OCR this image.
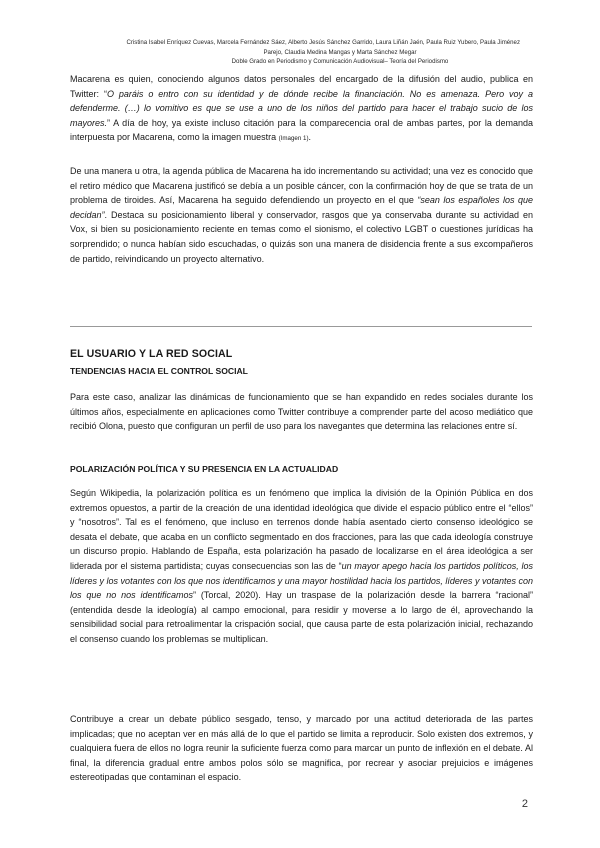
Cristina Isabel Enríquez Cuevas, Marcela Fernández Sáez, Alberto Jesús Sánchez Garrido, Laura Liñán Jaén, Paula Ruiz Yubero, Paula Jiménez
Parejo, Claudia Medina Mangas y Marta Sánchez Megar
Doble Grado en Periodismo y Comunicación Audiovisual– Teoría del Periodismo
Macarena es quien, conociendo algunos datos personales del encargado de la difusión del audio, publica en Twitter: “O paráis o entro con su identidad y de dónde recibe la financiación. No es amenaza. Pero voy a defenderme. (…) lo vomitivo es que se use a uno de los niños del partido para hacer el trabajo sucio de los mayores.” A día de hoy, ya existe incluso citación para la comparecencia oral de ambas partes, por la demanda interpuesta por Macarena, como la imagen muestra (Imagen 1).
De una manera u otra, la agenda pública de Macarena ha ido incrementando su actividad; una vez es conocido que el retiro médico que Macarena justificó se debía a un posible cáncer, con la confirmación hoy de que se trata de un problema de tiroides. Así, Macarena ha seguido defendiendo un proyecto en el que “sean los españoles los que decidan”. Destaca su posicionamiento liberal y conservador, rasgos que ya conservaba durante su actividad en Vox, si bien su posicionamiento reciente en temas como el sionismo, el colectivo LGBT o cuestiones jurídicas ha sorprendido; o nunca habían sido escuchadas, o quizás son una manera de disidencia frente a sus excompañeros de partido, reivindicando un proyecto alternativo.
EL USUARIO Y LA RED SOCIAL
TENDENCIAS HACIA EL CONTROL SOCIAL
Para este caso, analizar las dinámicas de funcionamiento que se han expandido en redes sociales durante los últimos años, especialmente en aplicaciones como Twitter contribuye a comprender parte del acoso mediático que recibió Olona, puesto que configuran un perfil de uso para los navegantes que determina las relaciones entre sí.
POLARIZACIÓN POLÍTICA Y SU PRESENCIA EN LA ACTUALIDAD
Según Wikipedia, la polarización política es un fenómeno que implica la división de la Opinión Pública en dos extremos opuestos, a partir de la creación de una identidad ideológica que divide el espacio público entre el “ellos” y “nosotros”. Tal es el fenómeno, que incluso en terrenos donde había asentado cierto consenso ideológico se desata el debate, que acaba en un conflicto segmentado en dos fracciones, para las que cada ideología construye un discurso propio. Hablando de España, esta polarización ha pasado de localizarse en el área ideológica a ser liderada por el sistema partidista; cuyas consecuencias son las de “un mayor apego hacia los partidos políticos, los líderes y los votantes con los que nos identificamos y una mayor hostilidad hacia los partidos, líderes y votantes con los que no nos identificamos” (Torcal, 2020). Hay un traspase de la polarización desde la barrera “racional” (entendida desde la ideología) al campo emocional, para residir y moverse a lo largo de él, aprovechando la sensibilidad social para retroalimentar la crispación social, que causa parte de esta polarización inicial, rechazando el consenso cuando los problemas se multiplican.
Contribuye a crear un debate público sesgado, tenso, y marcado por una actitud deteriorada de las partes implicadas; que no aceptan ver en más allá de lo que el partido se limita a reproducir. Solo existen dos extremos, y cualquiera fuera de ellos no logra reunir la suficiente fuerza como para marcar un punto de inflexión en el debate. Al final, la diferencia gradual entre ambos polos sólo se magnifica, por recrear y asociar prejuicios e imágenes estereotipadas que contaminan el espacio.
2
